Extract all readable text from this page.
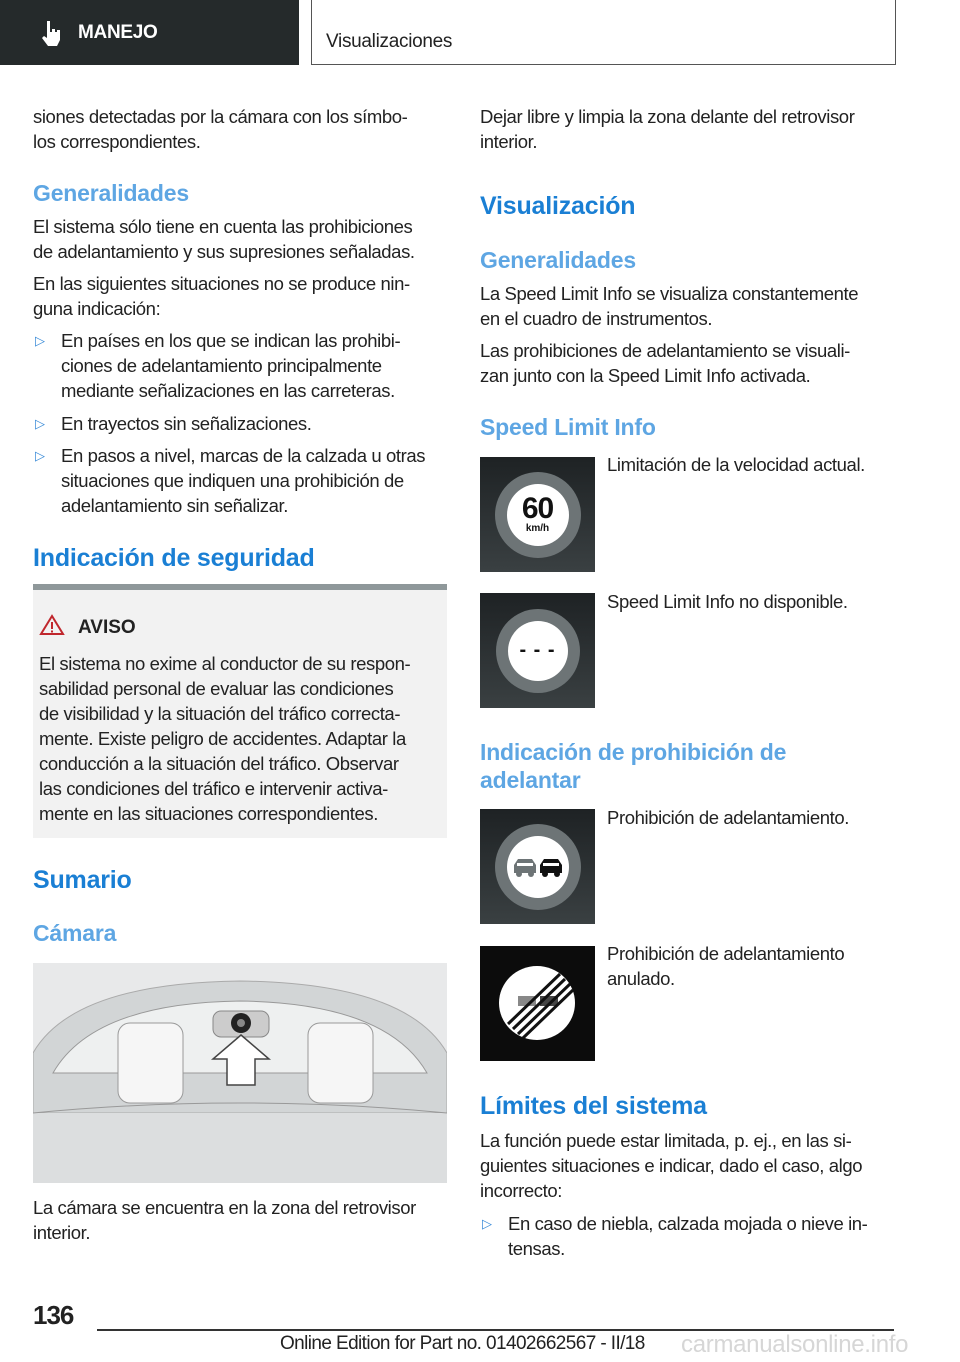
MANEJO	Visualizaciones
siones detectadas por la cámara con los símbo-
los correspondientes.
Generalidades
El sistema sólo tiene en cuenta las prohibiciones
de adelantamiento y sus supresiones señaladas.
En las siguientes situaciones no se produce nin-
guna indicación:
▷ En países en los que se indican las prohibi-
ciones de adelantamiento principalmente
mediante señalizaciones en las carreteras.
▷ En trayectos sin señalizaciones.
▷ En pasos a nivel, marcas de la calzada u otras
situaciones que indiquen una prohibición de
adelantamiento sin señalizar.
Indicación de seguridad
AVISO
El sistema no exime al conductor de su respon-
sabilidad personal de evaluar las condiciones
de visibilidad y la situación del tráfico correcta-
mente. Existe peligro de accidentes. Adaptar la
conducción a la situación del tráfico. Observar
las condiciones del tráfico e intervenir activa-
mente en las situaciones correspondientes.
Sumario
Cámara
La cámara se encuentra en la zona del retrovisor
interior.
Dejar libre y limpia la zona delante del retrovisor
interior.
Visualización
Generalidades
La Speed Limit Info se visualiza constantemente
en el cuadro de instrumentos.
Las prohibiciones de adelantamiento se visuali-
zan junto con la Speed Limit Info activada.
Speed Limit Info
60
km/h
Limitación de la velocidad actual.
- - -
Speed Limit Info no disponible.
Indicación de prohibición de
adelantar
Prohibición de adelantamiento.
Prohibición de adelantamiento
anulado.
Límites del sistema
La función puede estar limitada, p. ej., en las si-
guientes situaciones e indicar, dado el caso, algo
incorrecto:
▷ En caso de niebla, calzada mojada o nieve in-
tensas.
136
Online Edition for Part no. 01402662567 - II/18 carmanualsonline.info
